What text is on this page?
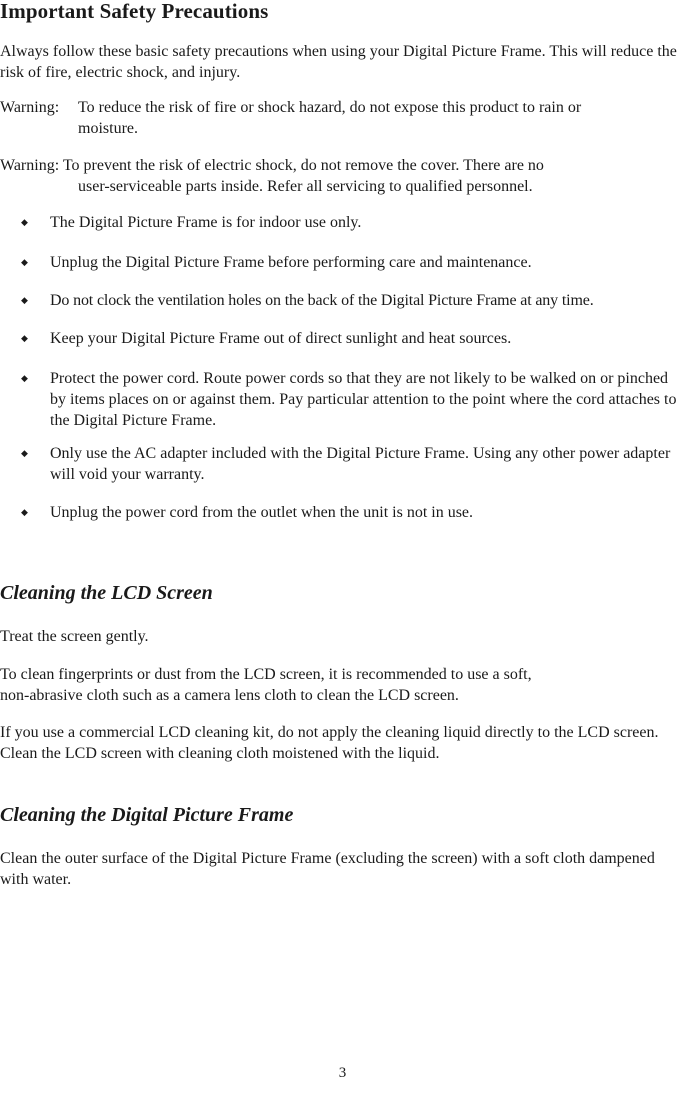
Important Safety Precautions

Always follow these basic safety precautions when using your Digital Picture Frame. This will reduce the risk of fire, electric shock, and injury.

Warning: To reduce the risk of fire or shock hazard, do not expose this product to rain or
moisture.
Warning: To prevent the risk of electric shock, do not remove the cover. There are no
user-serviceable parts inside. Refer all servicing to qualified personnel.
◆ The Digital Picture Frame is for indoor use only.
◆ Unplug the Digital Picture Frame before performing care and maintenance.
◆ Do not clock the ventilation holes on the back of the Digital Picture Frame at any time.
◆ Keep your Digital Picture Frame out of direct sunlight and heat sources.
◆ Protect the power cord. Route power cords so that they are not likely to be walked on or pinched by items places on or against them. Pay particular attention to the point where the cord attaches to the Digital Picture Frame.
◆ Only use the AC adapter included with the Digital Picture Frame. Using any other power adapter will void your warranty.
◆ Unplug the power cord from the outlet when the unit is not in use.
Cleaning the LCD Screen

Treat the screen gently.

To clean fingerprints or dust from the LCD screen, it is recommended to use a soft,

non-abrasive cloth such as a camera lens cloth to clean the LCD screen.

If you use a commercial LCD cleaning kit, do not apply the cleaning liquid directly to the LCD screen. Clean the LCD screen with cleaning cloth moistened with the liquid.

Cleaning the Digital Picture Frame

Clean the outer surface of the Digital Picture Frame (excluding the screen) with a soft cloth dampened with water.

3
